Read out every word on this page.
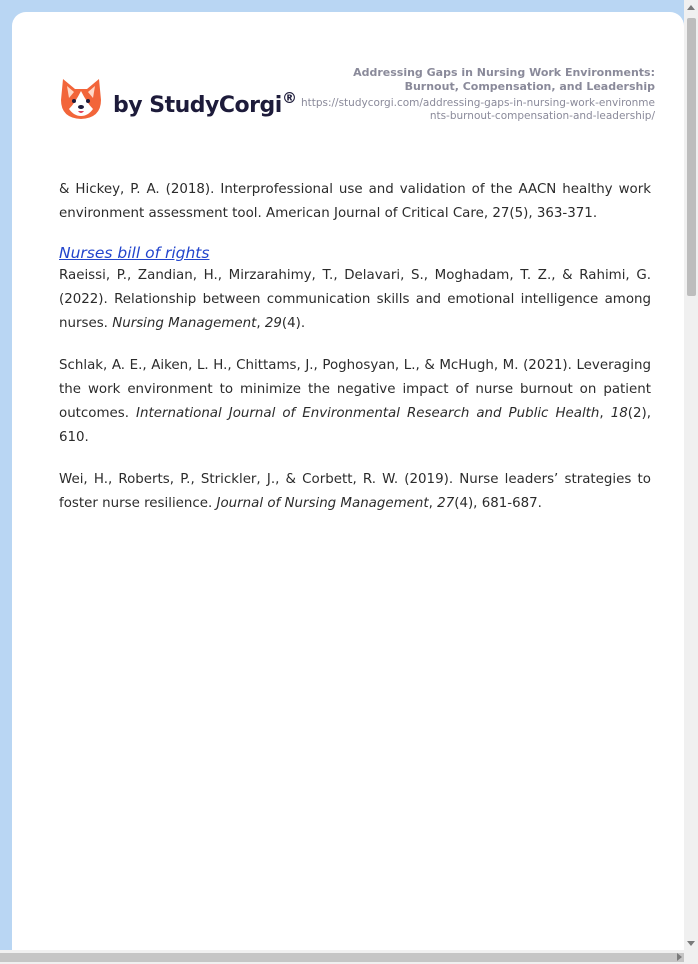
by StudyCorgi ®
Addressing Gaps in Nursing Work Environments: Burnout, Compensation, and Leadership
https://studycorgi.com/addressing-gaps-in-nursing-work-environments-burnout-compensation-and-leadership/

& Hickey, P. A. (2018). Interprofessional use and validation of the AACN healthy work environment assessment tool. American Journal of Critical Care, 27(5), 363-371.

Nurses bill of rights

Raeissi, P., Zandian, H., Mirzarahimy, T., Delavari, S., Moghadam, T. Z., & Rahimi, G. (2022). Relationship between communication skills and emotional intelligence among nurses. Nursing Management, 29(4).

Schlak, A. E., Aiken, L. H., Chittams, J., Poghosyan, L., & McHugh, M. (2021). Leveraging the work environment to minimize the negative impact of nurse burnout on patient outcomes. International Journal of Environmental Research and Public Health, 18(2), 610.

Wei, H., Roberts, P., Strickler, J., & Corbett, R. W. (2019). Nurse leaders’ strategies to foster nurse resilience. Journal of Nursing Management, 27(4), 681-687.
